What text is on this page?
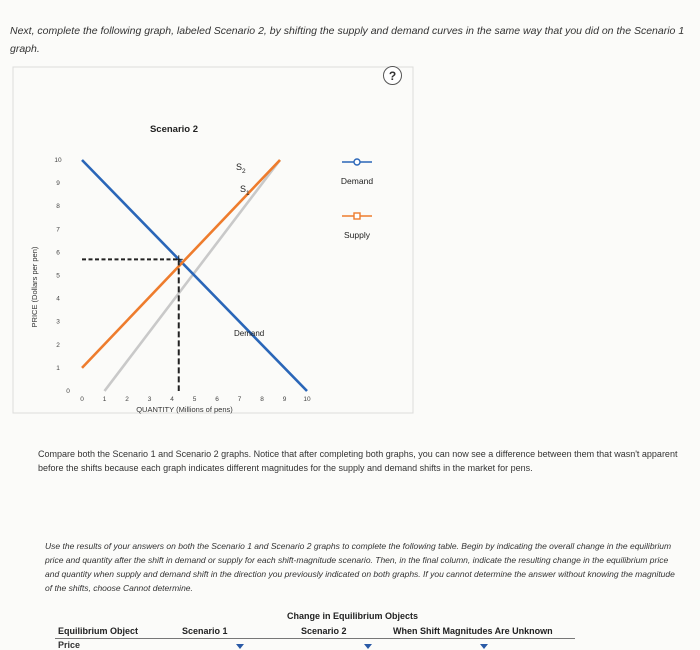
Next, complete the following graph, labeled Scenario 2, by shifting the supply and demand curves in the same way that you did on the Scenario 1 graph.
Scenario 2
0	1	2	3	4	5	6	7	8	9	10
1
2
3
4
5
6
7
8
9
10
0
QUANTITY (Millions of pens)
PRICE (Dollars per pen)
$S_2$
$S_1$
Demand
Demand
Supply
?
Compare both the Scenario 1 and Scenario 2 graphs. Notice that after completing both graphs, you can now see a difference between them that wasn't apparent before the shifts because each graph indicates different magnitudes for the supply and demand shifts in the market for pens.
Use the results of your answers on both the Scenario 1 and Scenario 2 graphs to complete the following table. Begin by indicating the overall change in the equilibrium price and quantity after the shift in demand or supply for each shift-magnitude scenario. Then, in the final column, indicate the resulting change in the equilibrium price and quantity when supply and demand shift in the direction you previously indicated on both graphs. If you cannot determine the answer without knowing the magnitude of the shifts, choose Cannot determine.
Change in Equilibrium Objects
Equilibrium Object	Scenario 1	Scenario 2	When Shift Magnitudes Are Unknown
Price
